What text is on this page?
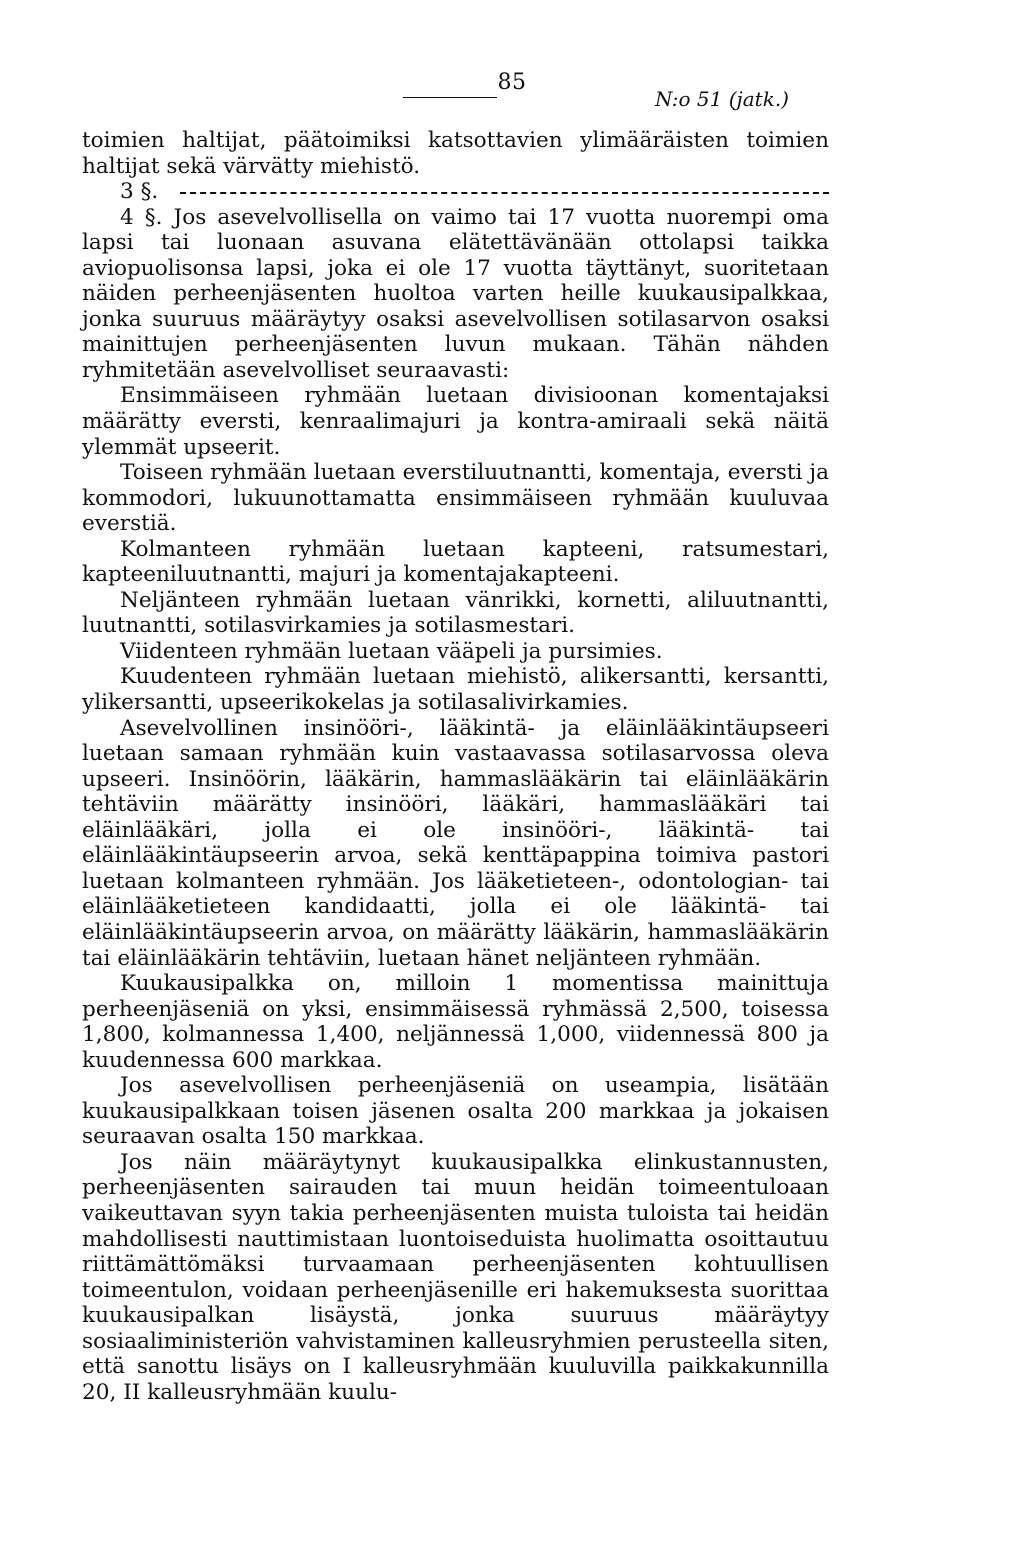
85
N:o 51 (jatk.)

toimien haltijat, päätoimiksi katsottavien ylimääräisten toimien haltijat sekä värvätty miehistö.

3 §.

4 §. Jos asevelvollisella on vaimo tai 17 vuotta nuorempi oma lapsi tai luonaan asuvana elätettävänään ottolapsi taikka aviopuolisonsa lapsi, joka ei ole 17 vuotta täyttänyt, suoritetaan näiden perheenjäsenten huoltoa varten heille kuukausipalkkaa, jonka suuruus määräytyy osaksi asevelvollisen sotilasarvon osaksi mainittujen perheenjäsenten luvun mukaan. Tähän nähden ryhmitetään asevelvolliset seuraavasti:

Ensimmäiseen ryhmään luetaan divisioonan komentajaksi määrätty eversti, kenraalimajuri ja kontra-amiraali sekä näitä ylemmät upseerit.

Toiseen ryhmään luetaan everstiluutnantti, komentaja, eversti ja kommodori, lukuunottamatta ensimmäiseen ryhmään kuuluvaa everstiä.

Kolmanteen ryhmään luetaan kapteeni, ratsumestari, kapteeniluutnantti, majuri ja komentajakapteeni.

Neljänteen ryhmään luetaan vänrikki, kornetti, aliluutnantti, luutnantti, sotilasvirkamies ja sotilasmestari.

Viidenteen ryhmään luetaan vääpeli ja pursimies.

Kuudenteen ryhmään luetaan miehistö, alikersantti, kersantti, ylikersantti, upseerikokelas ja sotilasalivirkamies.

Asevelvollinen insinööri-, lääkintä- ja eläinlääkintäupseeri luetaan samaan ryhmään kuin vastaavassa sotilasarvossa oleva upseeri. Insinöörin, lääkärin, hammaslääkärin tai eläinlääkärin tehtäviin määrätty insinööri, lääkäri, hammaslääkäri tai eläinlääkäri, jolla ei ole insinööri-, lääkintä- tai eläinlääkintäupseerin arvoa, sekä kenttäpappina toimiva pastori luetaan kolmanteen ryhmään. Jos lääketieteen-, odontologian- tai eläinlääketieteen kandidaatti, jolla ei ole lääkintä- tai eläinlääkintäupseerin arvoa, on määrätty lääkärin, hammaslääkärin tai eläinlääkärin tehtäviin, luetaan hänet neljänteen ryhmään.

Kuukausipalkka on, milloin 1 momentissa mainittuja perheenjäseniä on yksi, ensimmäisessä ryhmässä 2,500, toisessa 1,800, kolmannessa 1,400, neljännessä 1,000, viidennessä 800 ja kuudennessa 600 markkaa.

Jos asevelvollisen perheenjäseniä on useampia, lisätään kuukausipalkkaan toisen jäsenen osalta 200 markkaa ja jokaisen seuraavan osalta 150 markkaa.

Jos näin määräytynyt kuukausipalkka elinkustannusten, perheenjäsenten sairauden tai muun heidän toimeentuloaan vaikeuttavan syyn takia perheenjäsenten muista tuloista tai heidän mahdollisesti nauttimistaan luontoiseduista huolimatta osoittautuu riittämättömäksi turvaamaan perheenjäsenten kohtuullisen toimeentulon, voidaan perheenjäsenille eri hakemuksesta suorittaa kuukausipalkan lisäystä, jonka suuruus määräytyy sosiaaliministeriön vahvistaminen kalleusryhmien perusteella siten, että sanottu lisäys on I kalleusryhmään kuuluvilla paikkakunnilla 20, II kalleusryhmään kuulu-
